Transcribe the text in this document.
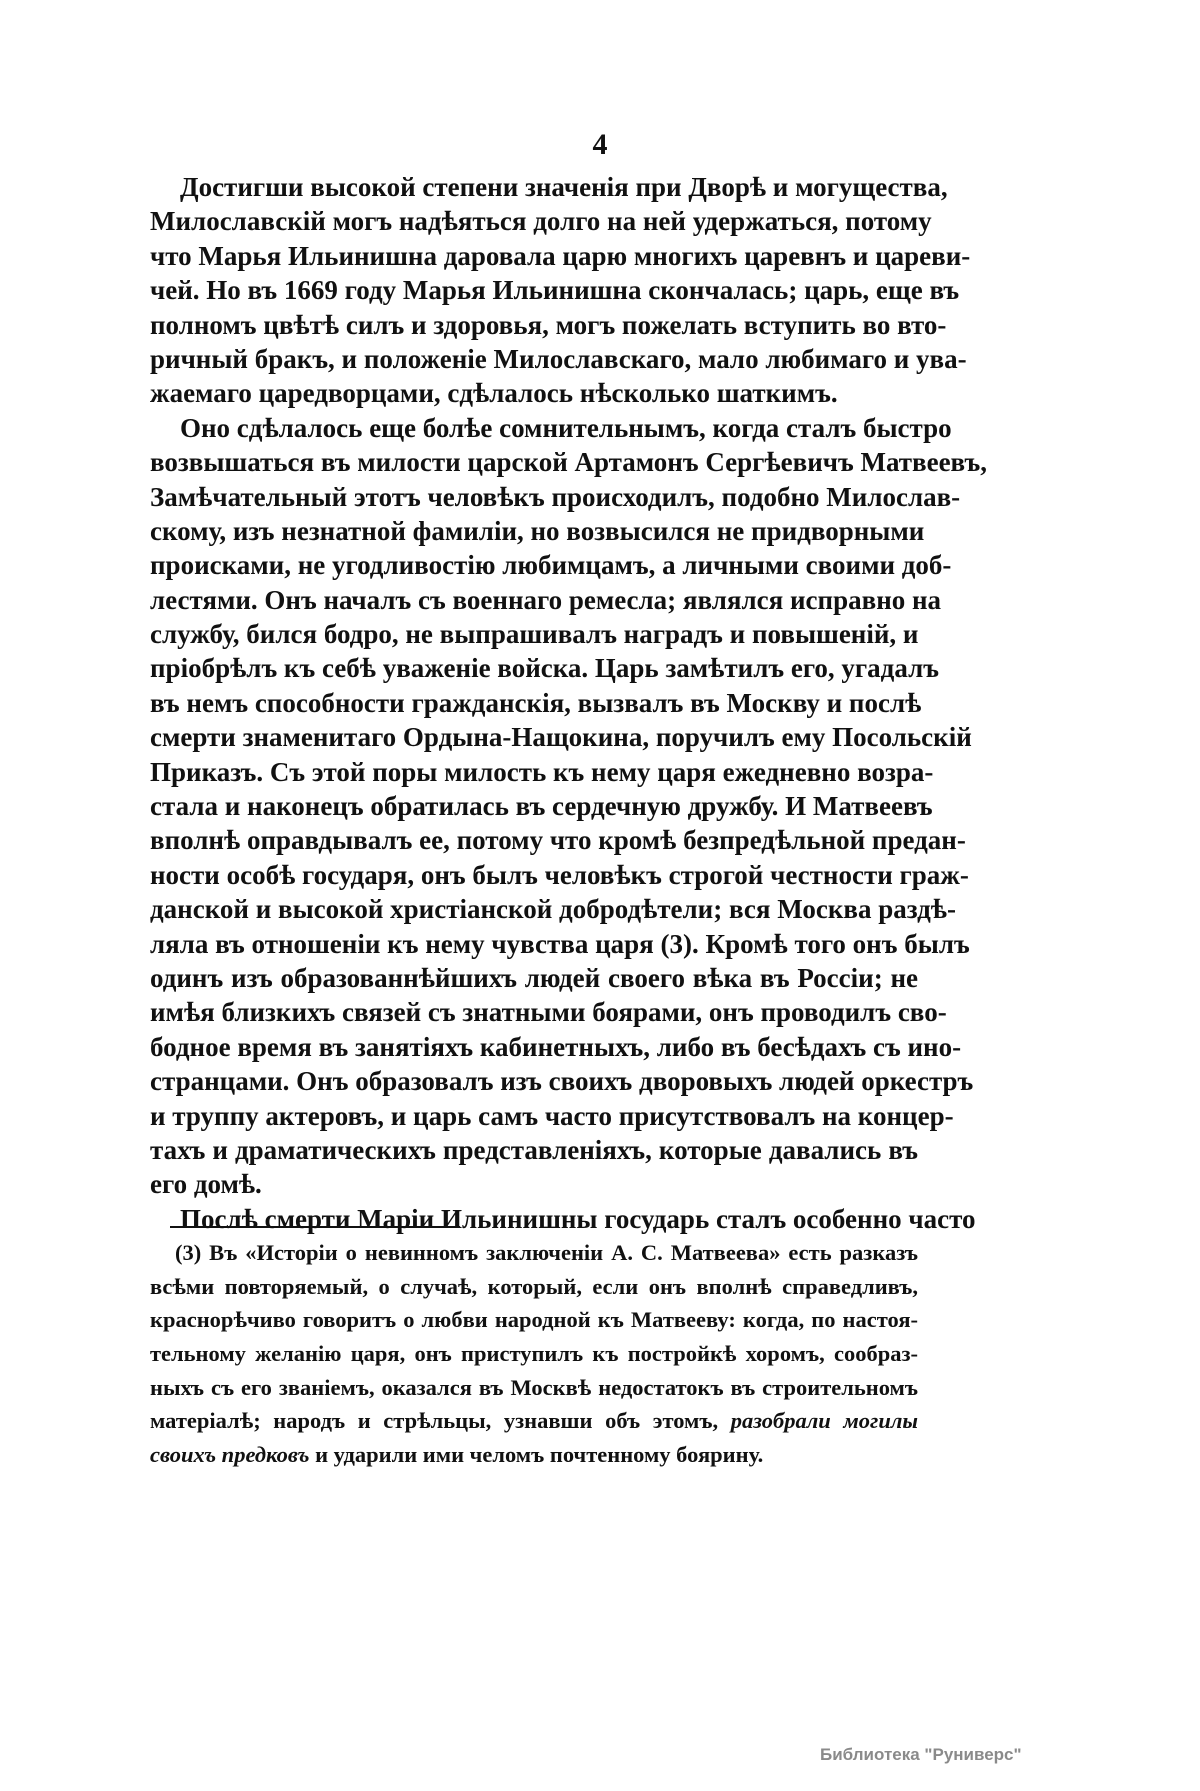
4
Достигши высокой степени значенія при Дворѣ и могущества,
Милославскій могъ надѣяться долго на ней удержаться, потому
что Марья Ильинишна даровала царю многихъ царевнъ и цареви-
чей. Но въ 1669 году Марья Ильинишна скончалась; царь, еще въ
полномъ цвѣтѣ силъ и здоровья, могъ пожелать вступить во вто-
ричный бракъ, и положеніе Милославскаго, мало любимаго и ува-
жаемаго царедворцами, сдѣлалось нѣсколько шаткимъ.
Оно сдѣлалось еще болѣе сомнительнымъ, когда сталъ быстро
возвышаться въ милости царской Артамонъ Сергѣевичъ Матвеевъ,
Замѣчательный этотъ человѣкъ происходилъ, подобно Милослав-
скому, изъ незнатной фамиліи, но возвысился не придворными
происками, не угодливостію любимцамъ, а личными своими доб-
лестями. Онъ началъ съ военнаго ремесла; являлся исправно на
службу, бился бодро, не выпрашивалъ наградъ и повышеній, и
пріобрѣлъ къ себѣ уваженіе войска. Царь замѣтилъ его, угадалъ
въ немъ способности гражданскія, вызвалъ въ Москву и послѣ
смерти знаменитаго Ордына-Нащокина, поручилъ ему Посольскій
Приказъ. Съ этой поры милость къ нему царя ежедневно возра-
стала и наконецъ обратилась въ сердечную дружбу. И Матвеевъ
вполнѣ оправдывалъ ее, потому что кромѣ безпредѣльной предан-
ности особѣ государя, онъ былъ человѣкъ строгой честности граж-
данской и высокой христіанской добродѣтели; вся Москва раздѣ-
ляла въ отношеніи къ нему чувства царя (3). Кромѣ того онъ былъ
одинъ изъ образованнѣйшихъ людей своего вѣка въ Россіи; не
имѣя близкихъ связей съ знатными боярами, онъ проводилъ сво-
бодное время въ занятіяхъ кабинетныхъ, либо въ бесѣдахъ съ ино-
странцами. Онъ образовалъ изъ своихъ дворовыхъ людей оркестръ
и труппу актеровъ, и царь самъ часто присутствовалъ на концер-
тахъ и драматическихъ представленіяхъ, которые давались въ
его домѣ.
Послѣ смерти Маріи Ильинишны государь сталъ особенно часто
(3) Въ «Исторіи о невинномъ заключеніи А. С. Матвеева» есть разказъ
всѣми повторяемый, о случаѣ, который, если онъ вполнѣ справедливъ,
краснорѣчиво говоритъ о любви народной къ Матвееву: когда, по настоя-
тельному желанію царя, онъ приступилъ къ постройкѣ хоромъ, сообраз-
ныхъ съ его званіемъ, оказался въ Москвѣ недостатокъ въ строительномъ
матеріалѣ; народъ и стрѣльцы, узнавши объ этомъ, разобрали могилы
своихъ предковъ и ударили ими челомъ почтенному боярину.
Библиотека "Руниверс"
